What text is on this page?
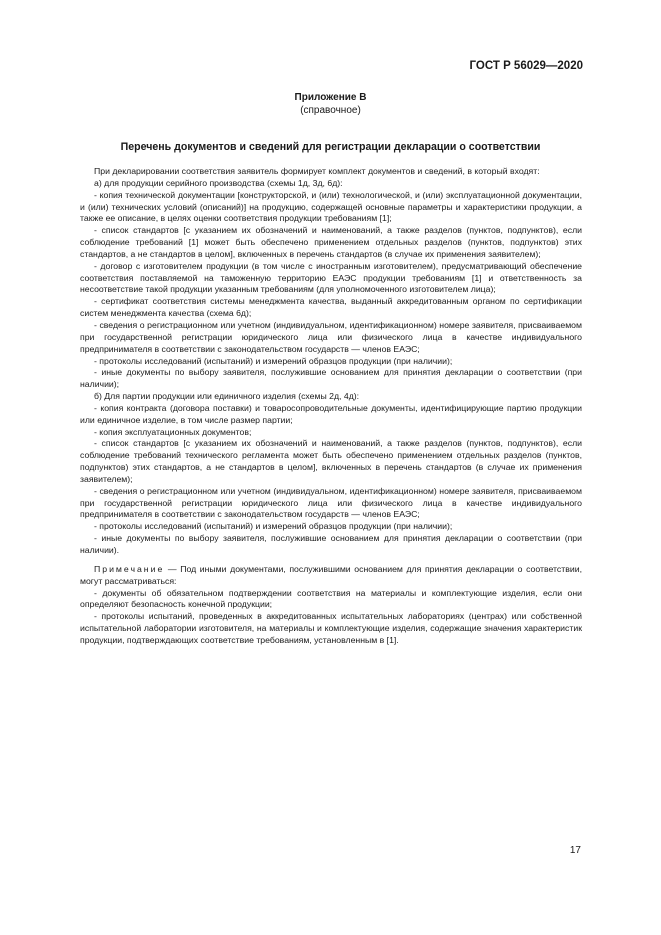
ГОСТ Р 56029—2020
Приложение В
(справочное)
Перечень документов и сведений для регистрации декларации о соответствии

При декларировании соответствия заявитель формирует комплект документов и сведений, в который входят:

а) для продукции серийного производства (схемы 1д, 3д, 6д):

- копия технической документации [конструкторской, и (или) технологической, и (или) эксплуатационной документации, и (или) технических условий (описаний)] на продукцию, содержащей основные параметры и характеристики продукции, а также ее описание, в целях оценки соответствия продукции требованиям [1];

- список стандартов [с указанием их обозначений и наименований, а также разделов (пунктов, подпунктов), если соблюдение требований [1] может быть обеспечено применением отдельных разделов (пунктов, подпунктов) этих стандартов, а не стандартов в целом], включенных в перечень стандартов (в случае их применения заявителем);

- договор с изготовителем продукции (в том числе с иностранным изготовителем), предусматривающий обеспечение соответствия поставляемой на таможенную территорию ЕАЭС продукции требованиям [1] и ответственность за несоответствие такой продукции указанным требованиям (для уполномоченного изготовителем лица);

- сертификат соответствия системы менеджмента качества, выданный аккредитованным органом по сертификации систем менеджмента качества (схема 6д);

- сведения о регистрационном или учетном (индивидуальном, идентификационном) номере заявителя, присваиваемом при государственной регистрации юридического лица или физического лица в качестве индивидуального предпринимателя в соответствии с законодательством государств — членов ЕАЭС;

- протоколы исследований (испытаний) и измерений образцов продукции (при наличии);

- иные документы по выбору заявителя, послужившие основанием для принятия декларации о соответствии (при наличии);

б) Для партии продукции или единичного изделия (схемы 2д, 4д):

- копия контракта (договора поставки) и товаросопроводительные документы, идентифицирующие партию продукции или единичное изделие, в том числе размер партии;

- копия эксплуатационных документов;

- список стандартов [с указанием их обозначений и наименований, а также разделов (пунктов, подпунктов), если соблюдение требований технического регламента может быть обеспечено применением отдельных разделов (пунктов, подпунктов) этих стандартов, а не стандартов в целом], включенных в перечень стандартов (в случае их применения заявителем);

- сведения о регистрационном или учетном (индивидуальном, идентификационном) номере заявителя, присваиваемом при государственной регистрации юридического лица или физического лица в качестве индивидуального предпринимателя в соответствии с законодательством государств — членов ЕАЭС;

- протоколы исследований (испытаний) и измерений образцов продукции (при наличии);

- иные документы по выбору заявителя, послужившие основанием для принятия декларации о соответствии (при наличии).

Примечание — Под иными документами, послужившими основанием для принятия декларации о соответствии, могут рассматриваться:

- документы об обязательном подтверждении соответствия на материалы и комплектующие изделия, если они определяют безопасность конечной продукции;

- протоколы испытаний, проведенных в аккредитованных испытательных лабораториях (центрах) или собственной испытательной лаборатории изготовителя, на материалы и комплектующие изделия, содержащие значения характеристик продукции, подтверждающих соответствие требованиям, установленным в [1].

17
